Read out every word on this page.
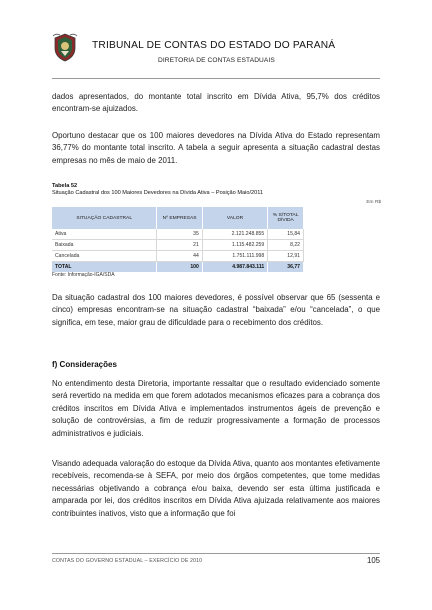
TRIBUNAL DE CONTAS DO ESTADO DO PARANÁ
DIRETORIA DE CONTAS ESTADUAIS

dados apresentados, do montante total inscrito em Dívida Ativa, 95,7% dos créditos encontram-se ajuizados.

Oportuno destacar que os 100 maiores devedores na Dívida Ativa do Estado representam 36,77% do montante total inscrito. A tabela a seguir apresenta a situação cadastral destas empresas no mês de maio de 2011.

Tabela 52
Situação Cadastral dos 100 Maiores Devedores na Dívida Ativa – Posição Maio/2011
Em R$
SITUAÇÃO CADASTRAL	Nº EMPRESAS	VALOR	% S/TOTAL DÍVIDA
Ativa	35	2.121.248.855	15,84
Baixada	21	1.115.482.259	8,22
Cancelada	44	1.751.111.998	12,91
TOTAL	100	4.987.843.111	36,77
Fonte: Informação-IGA/SDA

Da situação cadastral dos 100 maiores devedores, é possível observar que 65 (sessenta e cinco) empresas encontram-se na situação cadastral “baixada” e/ou “cancelada”, o que significa, em tese, maior grau de dificuldade para o recebimento dos créditos.

f) Considerações

No entendimento desta Diretoria, importante ressaltar que o resultado evidenciado somente será revertido na medida em que forem adotados mecanismos eficazes para a cobrança dos créditos inscritos em Dívida Ativa e implementados instrumentos ágeis de prevenção e solução de controvérsias, a fim de reduzir progressivamente a formação de processos administrativos e judiciais.

Visando adequada valoração do estoque da Dívida Ativa, quanto aos montantes efetivamente recebíveis, recomenda-se à SEFA, por meio dos órgãos competentes, que tome medidas necessárias objetivando a cobrança e/ou baixa, devendo ser esta última justificada e amparada por lei, dos créditos inscritos em Dívida Ativa ajuizada relativamente aos maiores contribuintes inativos, visto que a informação que foi

CONTAS DO GOVERNO ESTADUAL – EXERCÍCIO DE 2010	105
